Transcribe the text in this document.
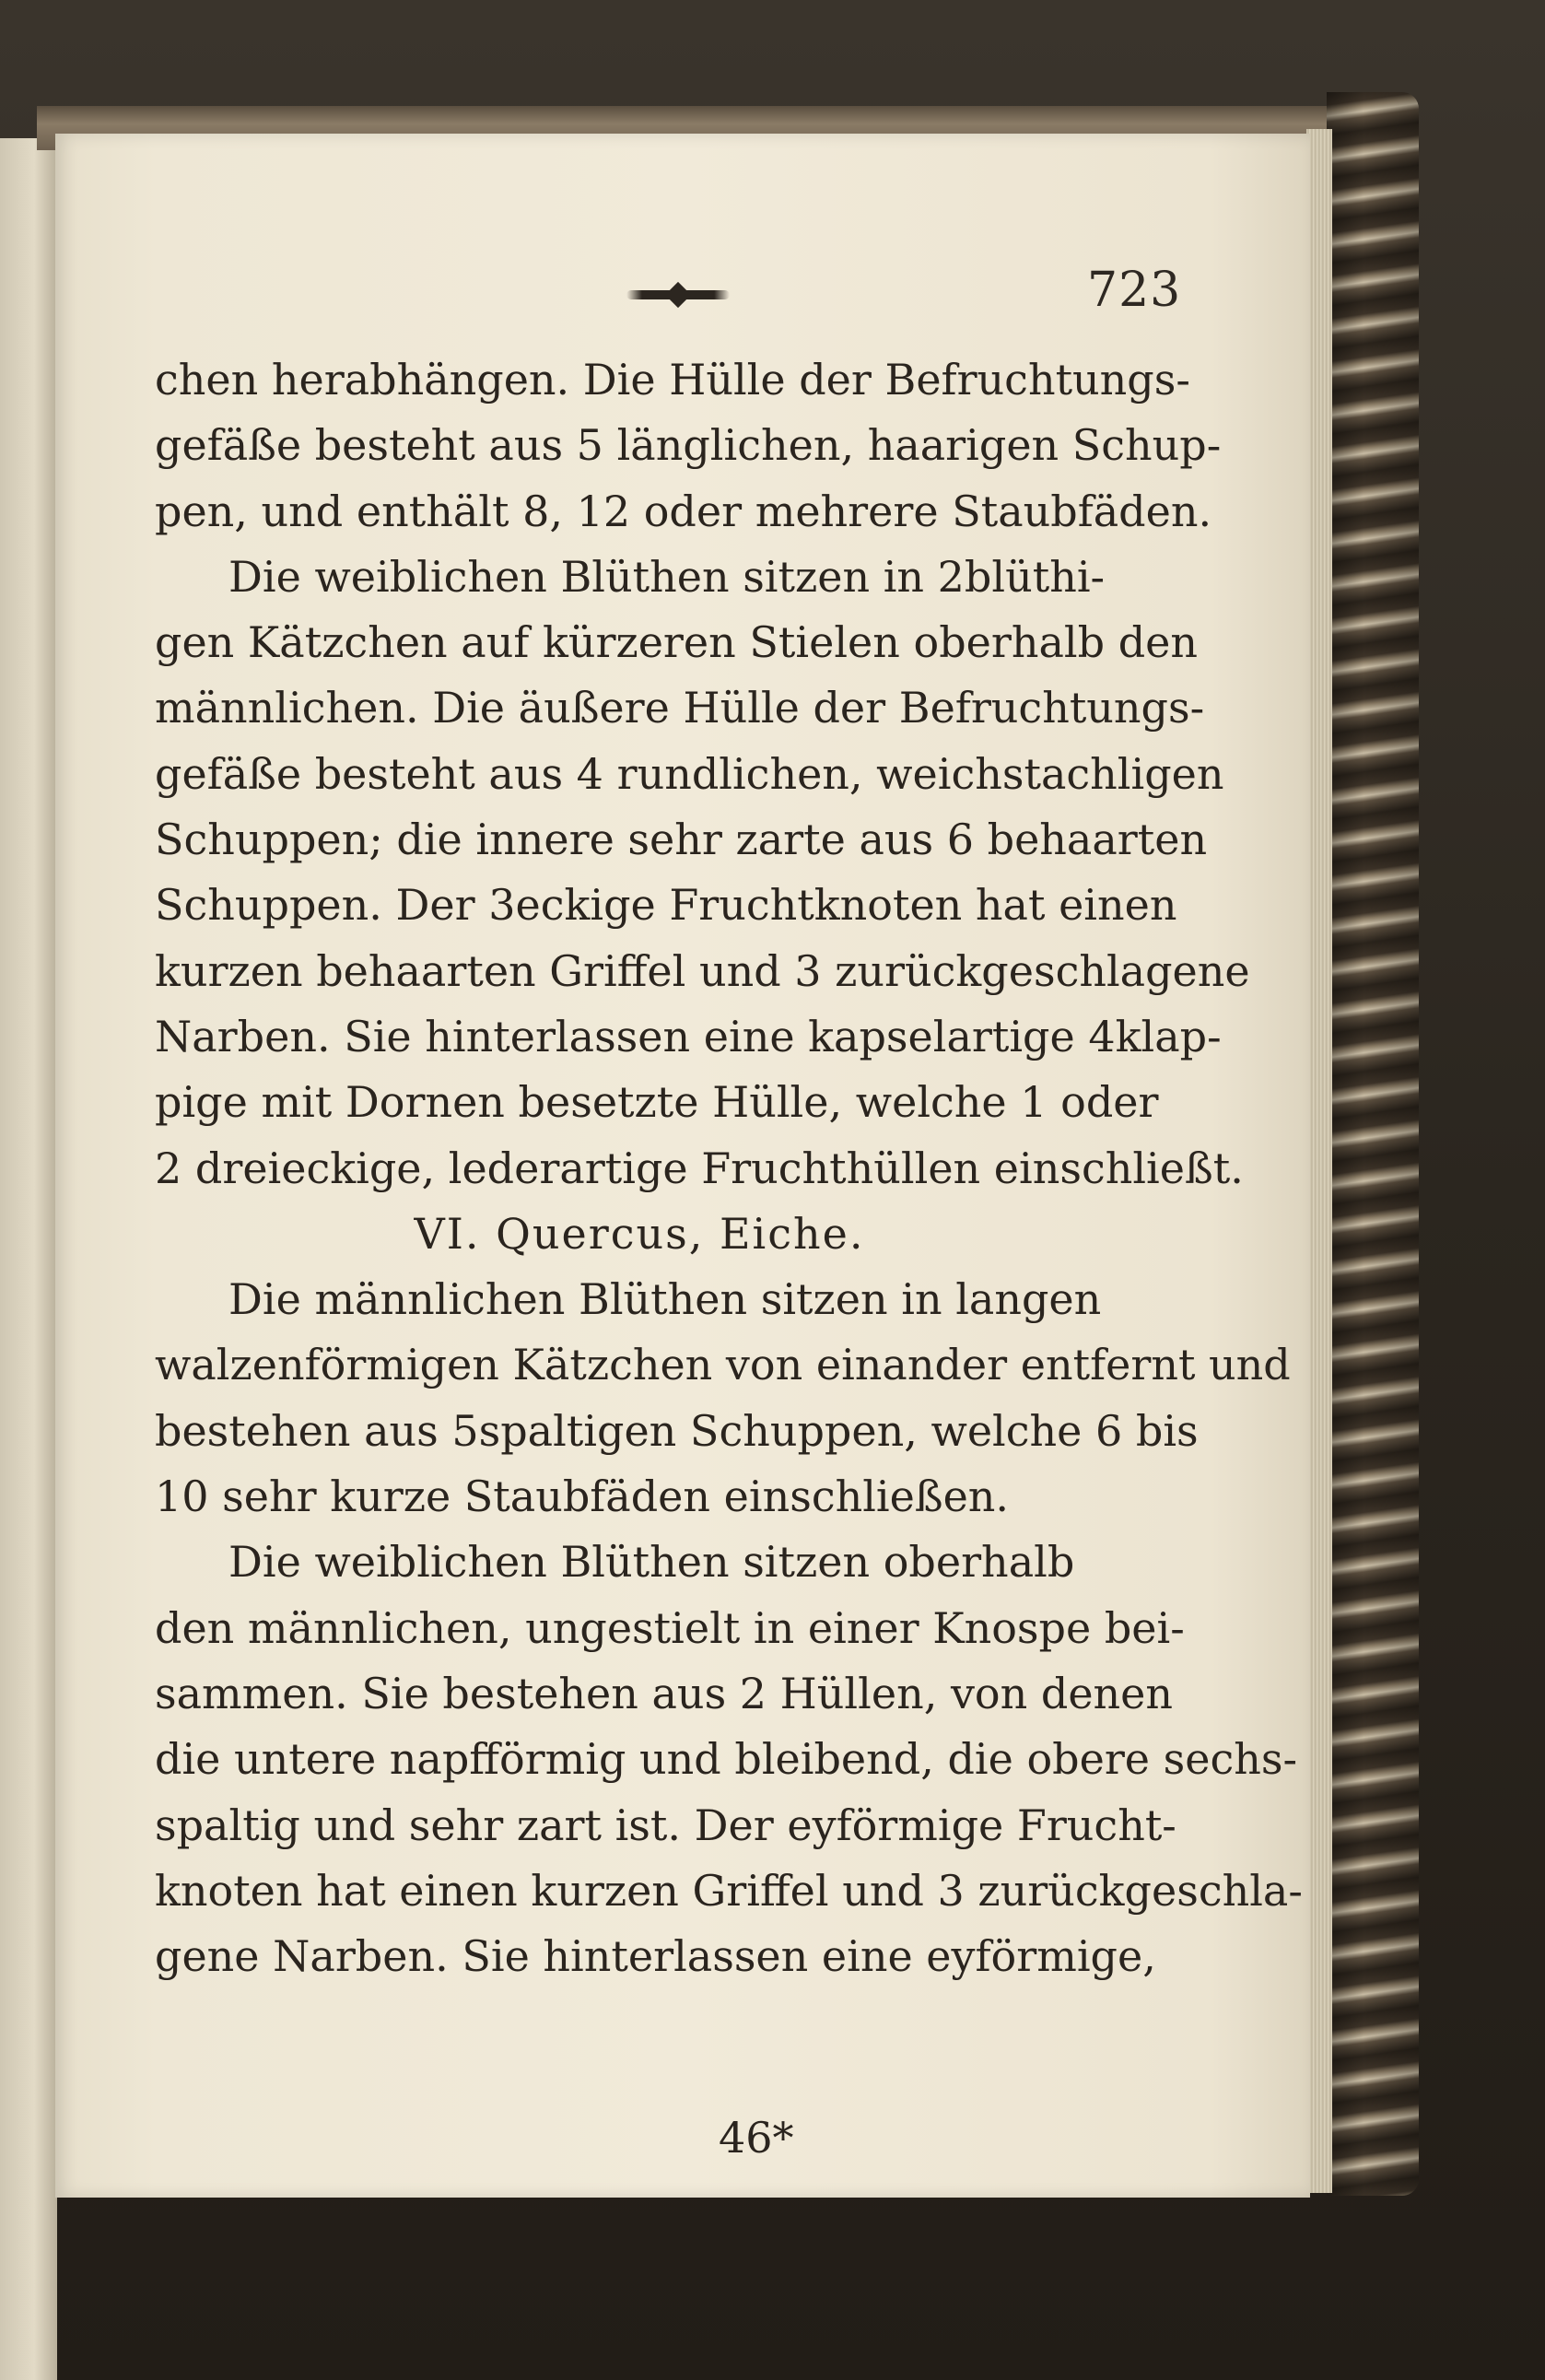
723
chen herabhängen. Die Hülle der Befruchtungs-
gefäße besteht aus 5 länglichen, haarigen Schup-
pen, und enthält 8, 12 oder mehrere Staubfäden.
Die weiblichen Blüthen sitzen in 2blüthi-
gen Kätzchen auf kürzeren Stielen oberhalb den
männlichen. Die äußere Hülle der Befruchtungs-
gefäße besteht aus 4 rundlichen, weichstachligen
Schuppen; die innere sehr zarte aus 6 behaarten
Schuppen. Der 3eckige Fruchtknoten hat einen
kurzen behaarten Griffel und 3 zurückgeschlagene
Narben. Sie hinterlassen eine kapselartige 4klap-
pige mit Dornen besetzte Hülle, welche 1 oder
2 dreieckige, lederartige Fruchthüllen einschließt.
VI. Quercus, Eiche.
Die männlichen Blüthen sitzen in langen
walzenförmigen Kätzchen von einander entfernt und
bestehen aus 5spaltigen Schuppen, welche 6 bis
10 sehr kurze Staubfäden einschließen.
Die weiblichen Blüthen sitzen oberhalb
den männlichen, ungestielt in einer Knospe bei-
sammen. Sie bestehen aus 2 Hüllen, von denen
die untere napfförmig und bleibend, die obere sechs-
spaltig und sehr zart ist. Der eyförmige Frucht-
knoten hat einen kurzen Griffel und 3 zurückgeschla-
gene Narben. Sie hinterlassen eine eyförmige,
46*
